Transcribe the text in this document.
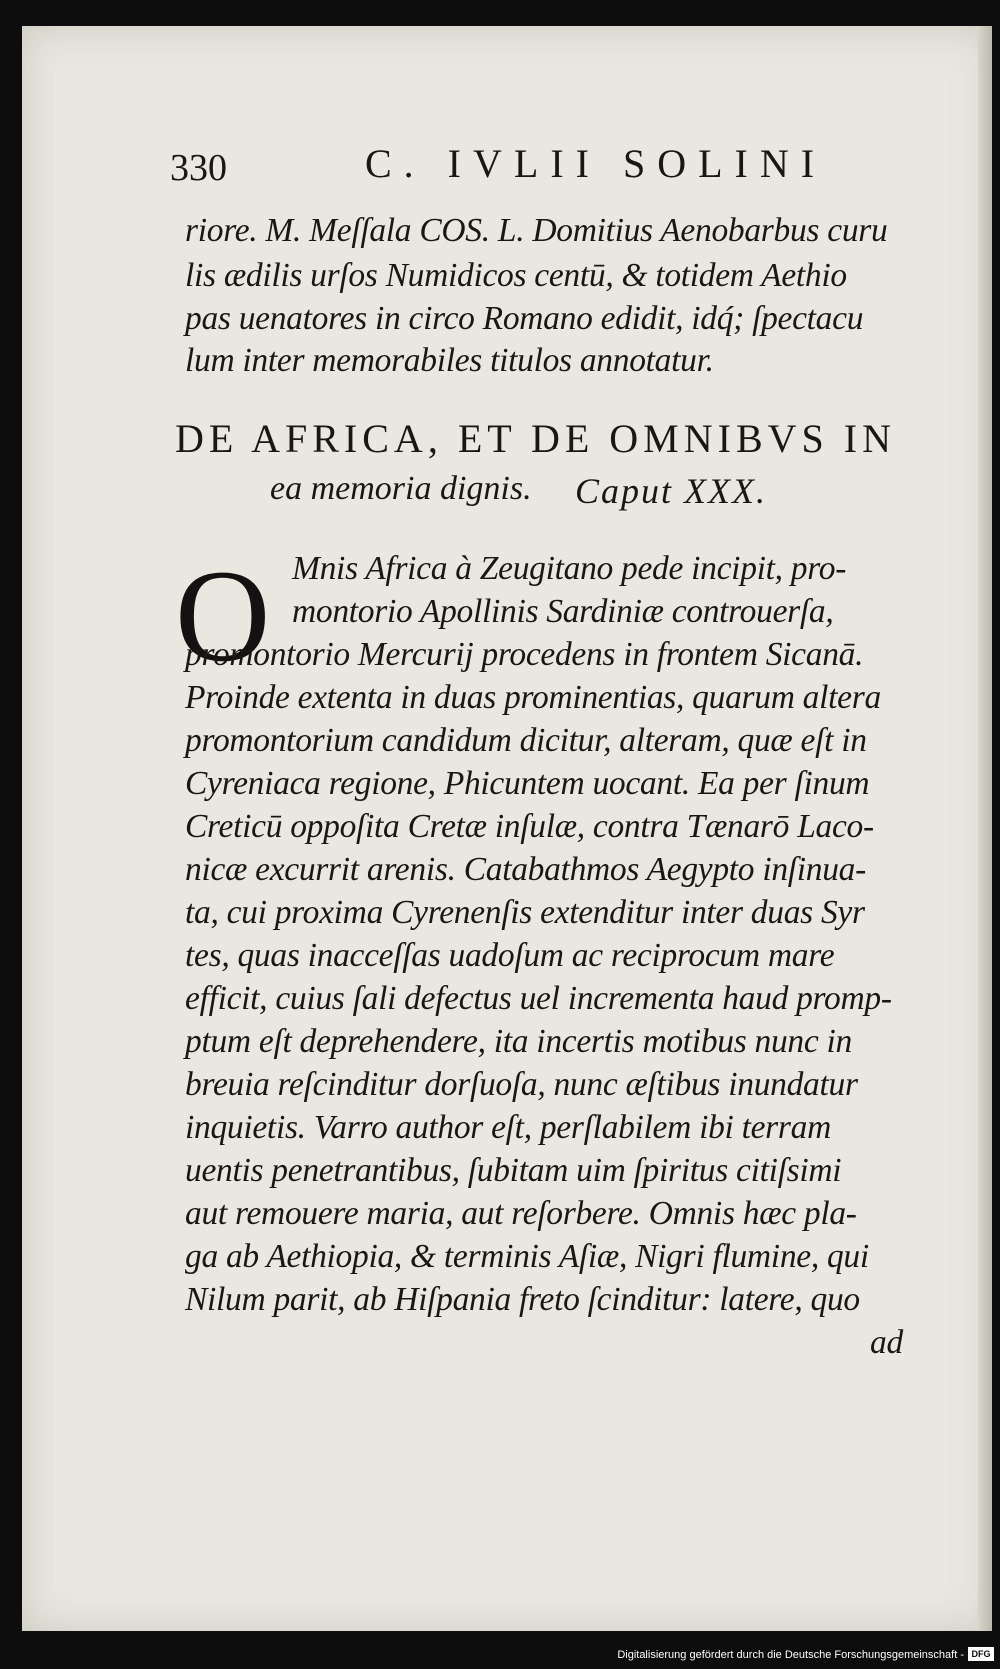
330	C. IVLII SOLINI
riore. M. Meſſala COS. L. Domitius Aenobarbus curu
lis ædilis urſos Numidicos centū, & totidem Aethio
pas uenatores in circo Romano edidit, idq́; ſpectacu
lum inter memorabiles titulos annotatur.
DE AFRICA, ET DE OMNIBVS IN
ea memoria dignis. Caput XXX.
O Mnis Africa à Zeugitano pede incipit, pro-
montorio Apollinis Sardiniæ controuerſa,
promontorio Mercurij procedens in frontem Sicanā.
Proinde extenta in duas prominentias, quarum altera
promontorium candidum dicitur, alteram, quæ eſt in
Cyreniaca regione, Phicuntem uocant. Ea per ſinum
Creticū oppoſita Cretæ inſulæ, contra Tænarō Laco-
nicæ excurrit arenis. Catabathmos Aegypto inſinua-
ta, cui proxima Cyrenenſis extenditur inter duas Syr
tes, quas inacceſſas uadoſum ac reciprocum mare
efficit, cuius ſali defectus uel incrementa haud promp-
ptum eſt deprehendere, ita incertis motibus nunc in
breuia reſcinditur dorſuoſa, nunc æſtibus inundatur
inquietis. Varro author eſt, perſlabilem ibi terram
uentis penetrantibus, ſubitam uim ſpiritus citiſsimi
aut remouere maria, aut reſorbere. Omnis hæc pla-
ga ab Aethiopia, & terminis Aſiæ, Nigri flumine, qui
Nilum parit, ab Hiſpania freto ſcinditur: latere, quo
ad
Digitalisierung gefördert durch die Deutsche Forschungsgemeinschaft - DFG
